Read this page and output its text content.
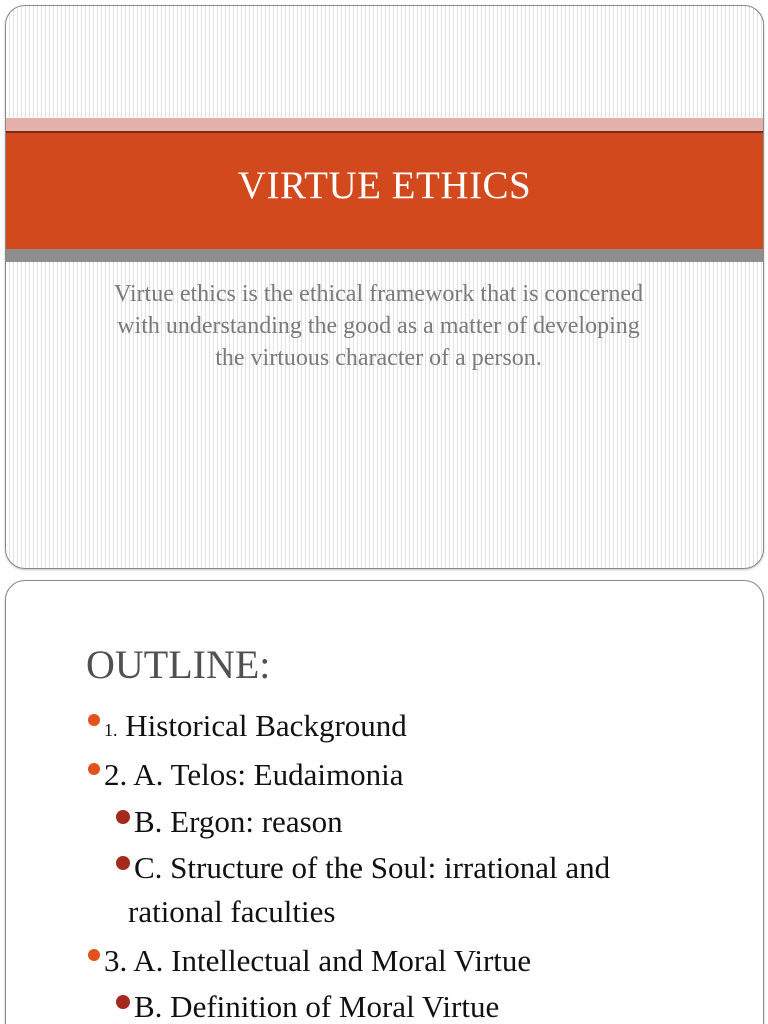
VIRTUE ETHICS
Virtue ethics is the ethical framework that is concerned with understanding the good as a matter of developing the virtuous character of a person.
OUTLINE:
1. Historical Background
2. A. Telos: Eudaimonia
B. Ergon: reason
C. Structure of the Soul: irrational and
rational faculties
3. A. Intellectual and Moral Virtue
B. Definition of Moral Virtue
